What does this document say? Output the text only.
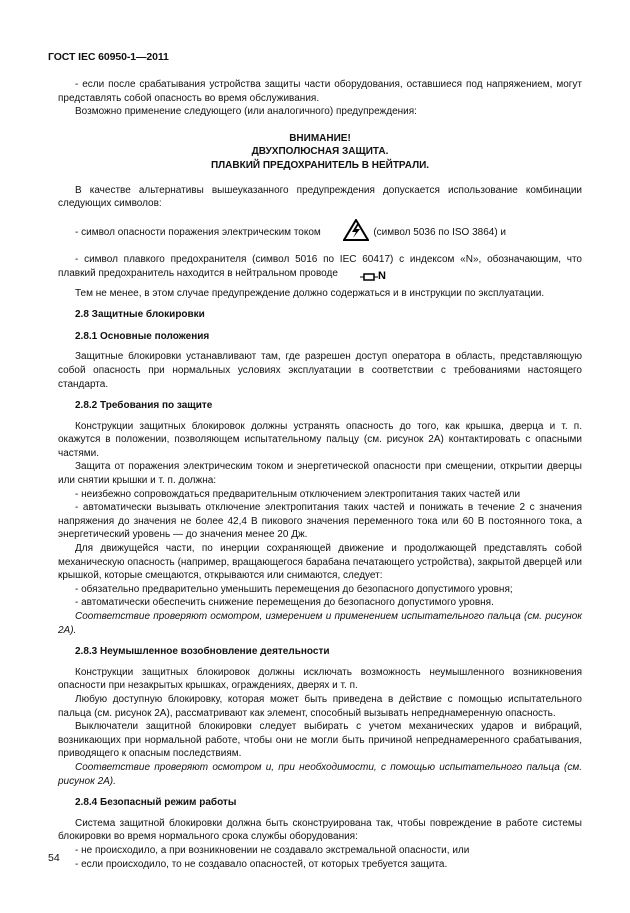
ГОСТ IEC 60950-1—2011

- если после срабатывания устройства защиты части оборудования, оставшиеся под напряжением, могут представлять собой опасность во время обслуживания.

Возможно применение следующего (или аналогичного) предупреждения:

ВНИМАНИЕ!

ДВУХПОЛЮСНАЯ ЗАЩИТА.

ПЛАВКИЙ ПРЕДОХРАНИТЕЛЬ В НЕЙТРАЛИ.

В качестве альтернативы вышеуказанного предупреждения допускается использование комбинации следующих символов:

- символ опасности поражения электрическим током	(символ 5036 по ISO 3864) и

- символ плавкого предохранителя (символ 5016 по IEC 60417) с индексом «N», обозначающим, что плавкий предохранитель находится в нейтральном проводе	N

Тем не менее, в этом случае предупреждение должно содержаться и в инструкции по эксплуатации.

2.8 Защитные блокировки

2.8.1 Основные положения

Защитные блокировки устанавливают там, где разрешен доступ оператора в область, представляющую собой опасность при нормальных условиях эксплуатации в соответствии с требованиями настоящего стандарта.

2.8.2 Требования по защите

Конструкции защитных блокировок должны устранять опасность до того, как крышка, дверца и т. п. окажутся в положении, позволяющем испытательному пальцу (см. рисунок 2А) контактировать с опасными частями.

Защита от поражения электрическим током и энергетической опасности при смещении, открытии дверцы или снятии крышки и т. п. должна:

- неизбежно сопровождаться предварительным отключением электропитания таких частей или

- автоматически вызывать отключение электропитания таких частей и понижать в течение 2 с значения напряжения до значения не более 42,4 В пикового значения переменного тока или 60 В постоянного тока, а энергетический уровень — до значения менее 20 Дж.

Для движущейся части, по инерции сохраняющей движение и продолжающей представлять собой механическую опасность (например, вращающегося барабана печатающего устройства), закрытой дверцей или крышкой, которые смещаются, открываются или снимаются, следует:

- обязательно предварительно уменьшить перемещения до безопасного допустимого уровня;

- автоматически обеспечить снижение перемещения до безопасного допустимого уровня.

Соответствие проверяют осмотром, измерением и применением испытательного пальца (см. рисунок 2А).

2.8.3 Неумышленное возобновление деятельности

Конструкции защитных блокировок должны исключать возможность неумышленного возникновения опасности при незакрытых крышках, ограждениях, дверях и т. п.

Любую доступную блокировку, которая может быть приведена в действие с помощью испытательного пальца (см. рисунок 2А), рассматривают как элемент, способный вызывать непреднамеренную опасность.

Выключатели защитной блокировки следует выбирать с учетом механических ударов и вибраций, возникающих при нормальной работе, чтобы они не могли быть причиной непреднамеренного срабатывания, приводящего к опасным последствиям.

Соответствие проверяют осмотром и, при необходимости, с помощью испытательного пальца (см. рисунок 2А).

2.8.4 Безопасный режим работы

Система защитной блокировки должна быть сконструирована так, чтобы повреждение в работе системы блокировки во время нормального срока службы оборудования:

- не происходило, а при возникновении не создавало экстремальной опасности, или

- если происходило, то не создавало опасностей, от которых требуется защита.

54
